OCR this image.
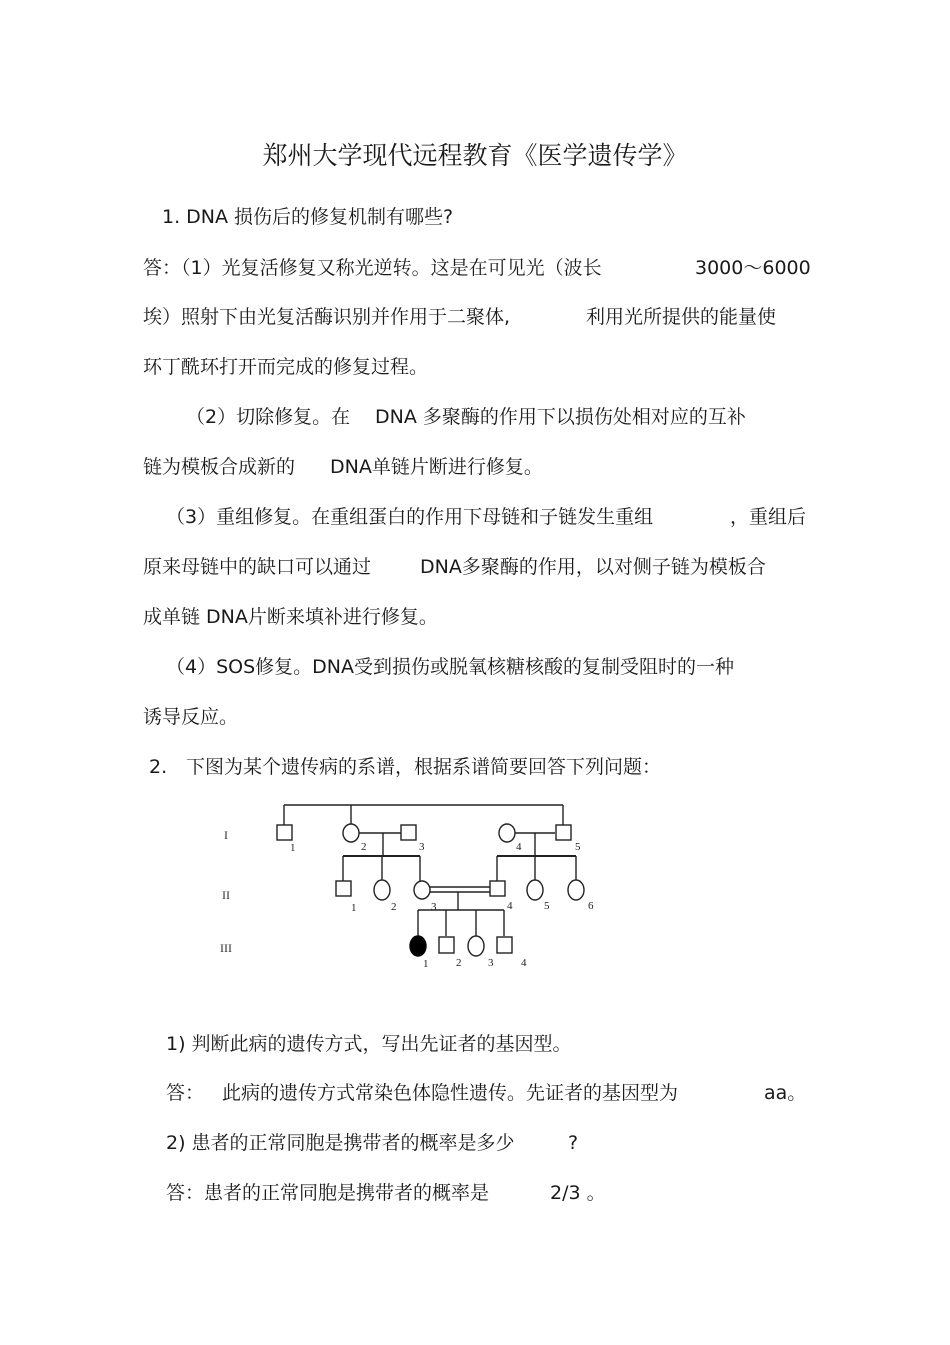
郑州大学现代远程教育《医学遗传学》
1. DNA 损伤后的修复机制有哪些?
答：（1）光复活修复又称光逆转。这是在可见光（波长	3000～6000
埃）照射下由光复活酶识别并作用于二聚体,	利用光所提供的能量使
环丁酰环打开而完成的修复过程。
（2）切除修复。在 DNA 多聚酶的作用下以损伤处相对应的互补
链为模板合成新的 DNA单链片断进行修复。
（3）重组修复。在重组蛋白的作用下母链和子链发生重组	，重组后
原来母链中的缺口可以通过	DNA多聚酶的作用，以对侧子链为模板合
成单链 DNA片断来填补进行修复。
（4）SOS修复。DNA受到损伤或脱氧核糖核酸的复制受阻时的一种
诱导反应。
2. 下图为某个遗传病的系谱，根据系谱简要回答下列问题：
I
II
III
1	2	3	4	5
1	2	3	4	5	6
1	2 3	4
1) 判断此病的遗传方式，写出先证者的基因型。
答： 此病的遗传方式常染色体隐性遗传。先证者的基因型为	aa。
2) 患者的正常同胞是携带者的概率是多少	?
答：患者的正常同胞是携带者的概率是	2/3 。
